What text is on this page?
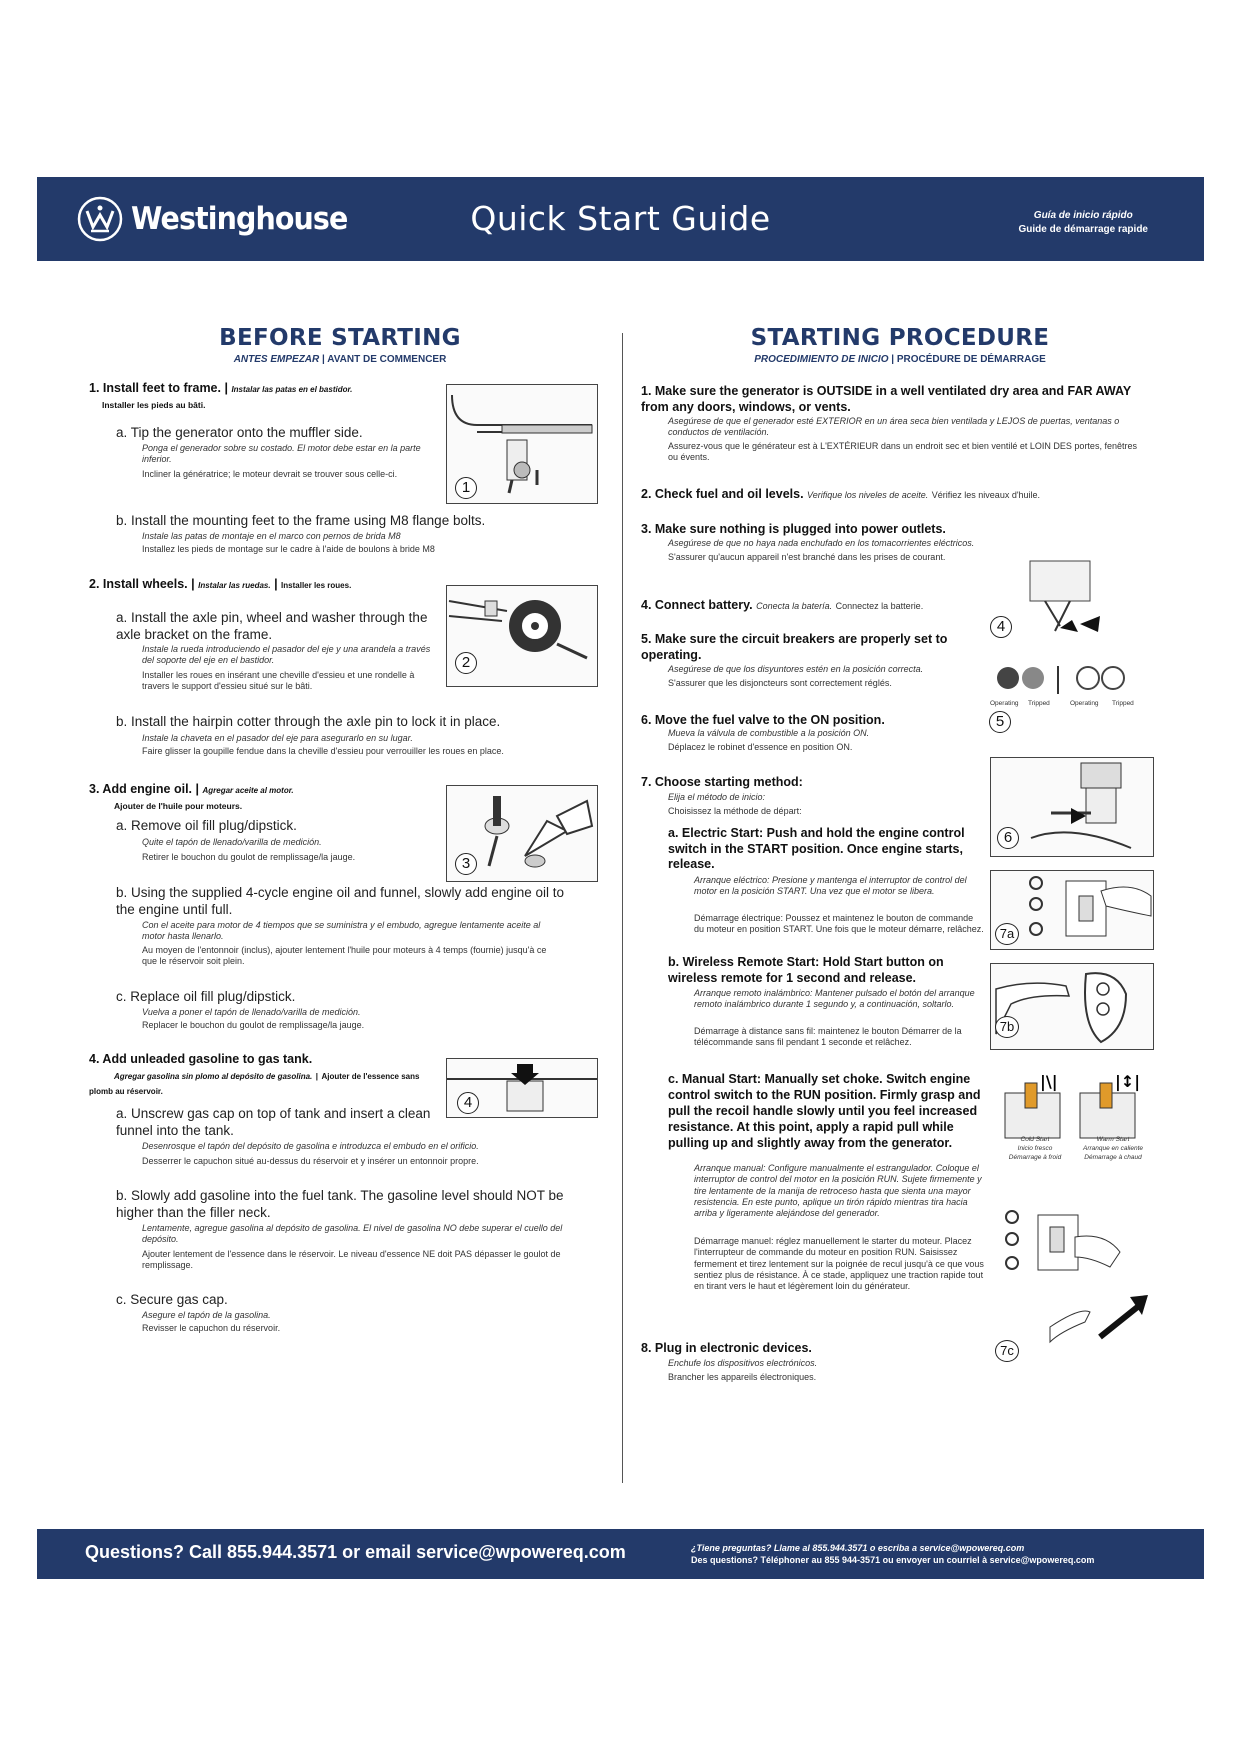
Westinghouse	Quick Start Guide	Guía de inicio rápido
Guide de démarrage rapide
BEFORE STARTING
ANTES EMPEZAR | AVANT DE COMMENCER
STARTING PROCEDURE
PROCEDIMIENTO DE INICIO | PROCÉDURE DE DÉMARRAGE
1. Install feet to frame. | Instalar las patas en el bastidor.
Installer les pieds au bâti.
1
a. Tip the generator onto the muffler side.
Ponga el generador sobre su costado. El motor debe estar en la parte inferior.
Incliner la génératrice; le moteur devrait se trouver sous celle-ci.
b. Install the mounting feet to the frame using M8 flange bolts.
Instale las patas de montaje en el marco con pernos de brida M8
Installez les pieds de montage sur le cadre à l'aide de boulons à bride M8
2. Install wheels. | Instalar las ruedas. | Installer les roues.
2
a. Install the axle pin, wheel and washer through the axle bracket on the frame.
Instale la rueda introduciendo el pasador del eje y una arandela a través del soporte del eje en el bastidor.
Installer les roues en insérant une cheville d'essieu et une rondelle à travers le support d'essieu situé sur le bâti.
b. Install the hairpin cotter through the axle pin to lock it in place.
Instale la chaveta en el pasador del eje para asegurarlo en su lugar.
Faire glisser la goupille fendue dans la cheville d'essieu pour verrouiller les roues en place.
3. Add engine oil. | Agregar aceite al motor.
Ajouter de l'huile pour moteurs.
3
a. Remove oil fill plug/dipstick.
Quite el tapón de llenado/varilla de medición.
Retirer le bouchon du goulot de remplissage/la jauge.
b. Using the supplied 4-cycle engine oil and funnel, slowly add engine oil to the engine until full.
Con el aceite para motor de 4 tiempos que se suministra y el embudo, agregue lentamente aceite al motor hasta llenarlo.
Au moyen de l'entonnoir (inclus), ajouter lentement l'huile pour moteurs à 4 temps (fournie) jusqu'à ce que le réservoir soit plein.
c. Replace oil fill plug/dipstick.
Vuelva a poner el tapón de llenado/varilla de medición.
Replacer le bouchon du goulot de remplissage/la jauge.
4. Add unleaded gasoline to gas tank.
Agregar gasolina sin plomo al depósito de gasolina. | Ajouter de l'essence sans plomb au réservoir.
4
a. Unscrew gas cap on top of tank and insert a clean funnel into the tank.
Desenrosque el tapón del depósito de gasolina e introduzca el embudo en el orificio.
Desserrer le capuchon situé au-dessus du réservoir et y insérer un entonnoir propre.
b. Slowly add gasoline into the fuel tank. The gasoline level should NOT be higher than the filler neck.
Lentamente, agregue gasolina al depósito de gasolina. El nivel de gasolina NO debe superar el cuello del depósito.
Ajouter lentement de l'essence dans le réservoir. Le niveau d'essence NE doit PAS dépasser le goulot de remplissage.
c. Secure gas cap.
Asegure el tapón de la gasolina.
Revisser le capuchon du réservoir.
1. Make sure the generator is OUTSIDE in a well ventilated dry area and FAR AWAY from any doors, windows, or vents.
Asegúrese de que el generador esté EXTERIOR en un área seca bien ventilada y LEJOS de puertas, ventanas o conductos de ventilación.
Assurez-vous que le générateur est à L'EXTÉRIEUR dans un endroit sec et bien ventilé et LOIN DES portes, fenêtres ou évents.
2. Check fuel and oil levels. Verifique los niveles de aceite. Vérifiez les niveaux d'huile.
3. Make sure nothing is plugged into power outlets.
Asegúrese de que no haya nada enchufado en los tomacorrientes eléctricos.
S'assurer qu'aucun appareil n'est branché dans les prises de courant.
4. Connect battery. Conecta la batería. Connectez la batterie.
4
5. Make sure the circuit breakers are properly set to operating.
Asegúrese de que los disyuntores estén en la posición correcta.
S'assurer que les disjoncteurs sont correctement réglés.
Operating Tripped	Operating Tripped
5
6. Move the fuel valve to the ON position.
Mueva la válvula de combustible a la posición ON.
Déplacez le robinet d'essence en position ON.
6
7. Choose starting method:
Elija el método de inicio:
Choisissez la méthode de départ:
a. Electric Start: Push and hold the engine control switch in the START position. Once engine starts, release.
Arranque eléctrico: Presione y mantenga el interruptor de control del motor en la posición START. Una vez que el motor se libera.
Démarrage électrique: Poussez et maintenez le bouton de commande du moteur en position START. Une fois que le moteur démarre, relâchez.	7a
b. Wireless Remote Start: Hold Start button on wireless remote for 1 second and release.
Arranque remoto inalámbrico: Mantener pulsado el botón del arranque remoto inalámbrico durante 1 segundo y, a continuación, soltarlo.
Démarrage à distance sans fil: maintenez le bouton Démarrer de la télécommande sans fil pendant 1 seconde et relâchez.
7b
c. Manual Start: Manually set choke. Switch engine control switch to the RUN position. Firmly grasp and pull the recoil handle slowly until you feel increased resistance. At this point, apply a rapid pull while pulling up and slightly away from the generator.
Arranque manual: Configure manualmente el estrangulador. Coloque el interruptor de control del motor en la posición RUN. Sujete firmemente y tire lentamente de la manija de retroceso hasta que sienta una mayor resistencia. En este punto, aplique un tirón rápido mientras tira hacia arriba y ligeramente alejándose del generador.
Démarrage manuel: réglez manuellement le starter du moteur. Placez l'interrupteur de commande du moteur en position RUN. Saisissez fermement et tirez lentement sur la poignée de recul jusqu'à ce que vous sentiez plus de résistance. À ce stade, appliquez une traction rapide tout en tirant vers le haut et légèrement loin du générateur.
|\|	|↕|
Cold Start
Inicio fresco
Démarrage à froid
Warm Start
Arranque en caliente
Démarrage à chaud
7c
8. Plug in electronic devices.
Enchufe los dispositivos electrónicos.
Brancher les appareils électroniques.
Questions? Call 855.944.3571 or email service@wpowereq.com	¿Tiene preguntas? Llame al 855.944.3571 o escriba a service@wpowereq.com
Des questions? Téléphoner au 855 944-3571 ou envoyer un courriel à service@wpowereq.com
